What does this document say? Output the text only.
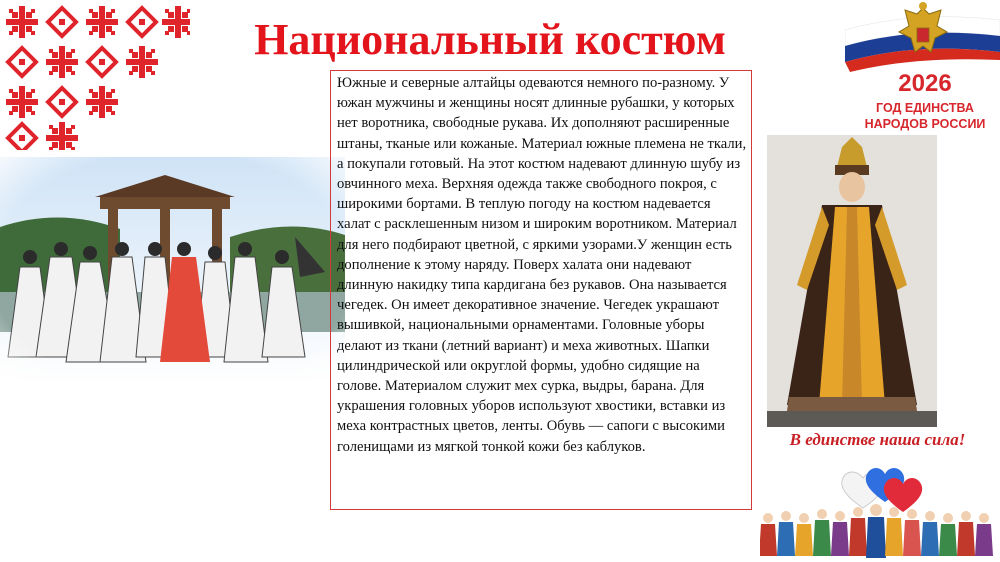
Национальный костюм

Южные и северные алтайцы одеваются немного по-разному. У южан мужчины и женщины носят длинные рубашки, у которых нет воротника, свободные рукава. Их дополняют расширенные штаны, тканые или кожаные. Материал южные племена не ткали, а покупали готовый. На этот костюм надевают длинную шубу из овчинного меха. Верхняя одежда также свободного покроя, с широкими бортами. В теплую погоду на костюм надевается халат с расклешенным низом и широким воротником. Материал для него подбирают цветной, с яркими узорами.У женщин есть дополнение к этому наряду. Поверх халата они надевают длинную накидку типа кардигана без рукавов. Она называется чегедек. Он имеет декоративное значение. Чегедек украшают вышивкой, национальными орнаментами. Головные уборы делают из ткани (летний вариант) и меха животных. Шапки цилиндрической или округлой формы, удобно сидящие на голове. Материалом служит мех сурка, выдры, барана. Для украшения головных уборов используют хвостики, вставки из меха контрастных цветов, ленты. Обувь — сапоги с высокими голенищами из мягкой тонкой кожи без каблуков.

2026
ГОД ЕДИНСТВА
НАРОДОВ РОССИИ
В единстве наша сила!
